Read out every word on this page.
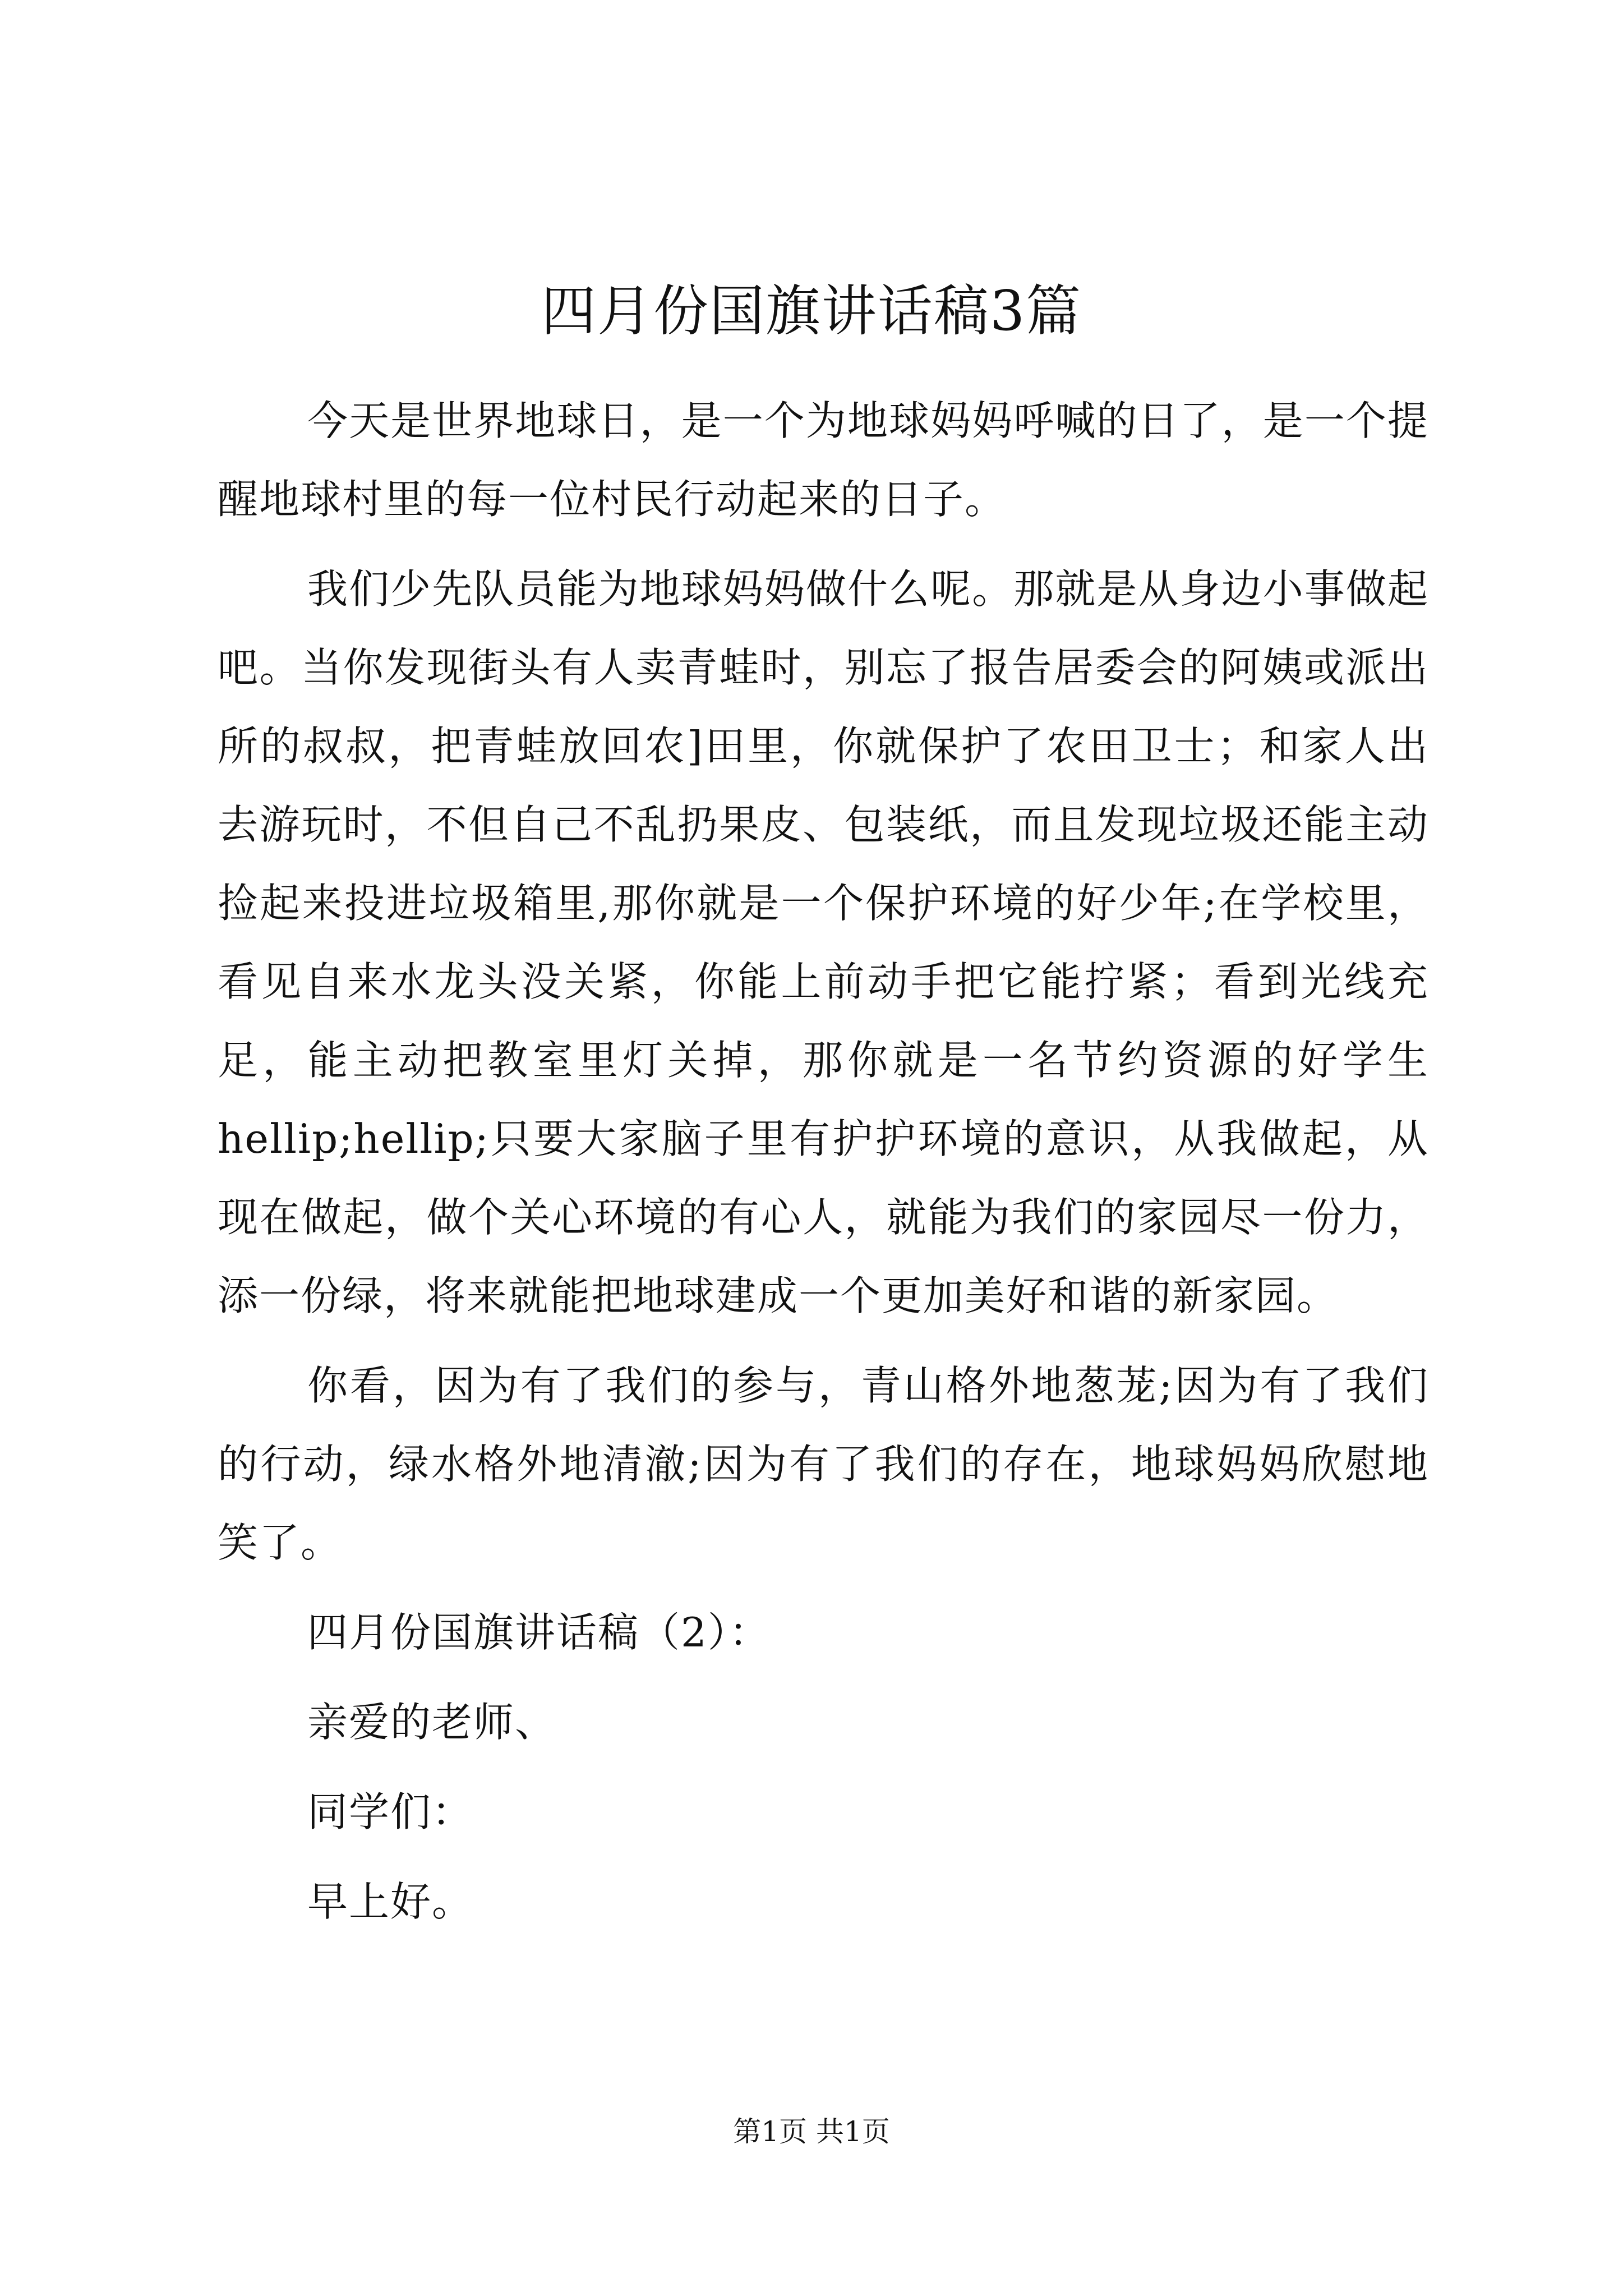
四月份国旗讲话稿3篇

今天是世界地球日，是一个为地球妈妈呼喊的日了，是一个提醒地球村里的每一位村民行动起来的日子。

我们少先队员能为地球妈妈做什么呢。那就是从身边小事做起吧。当你发现街头有人卖青蛙时，别忘了报告居委会的阿姨或派出所的叔叔，把青蛙放回农]田里，你就保护了农田卫士；和家人出去游玩时，不但自己不乱扔果皮、包装纸，而且发现垃圾还能主动捡起来投进垃圾箱里,那你就是一个保护环境的好少年;在学校里，看见自来水龙头没关紧，你能上前动手把它能拧紧；看到光线充足，能主动把教室里灯关掉，那你就是一名节约资源的好学生hellip;hellip;只要大家脑子里有护护环境的意识，从我做起，从现在做起，做个关心环境的有心人，就能为我们的家园尽一份力，添一份绿，将来就能把地球建成一个更加美好和谐的新家园。

你看，因为有了我们的参与，青山格外地葱茏;因为有了我们的行动，绿水格外地清澈;因为有了我们的存在，地球妈妈欣慰地笑了。

四月份国旗讲话稿（2）：

亲爱的老师、

同学们：

早上好。

第1页 共1页
